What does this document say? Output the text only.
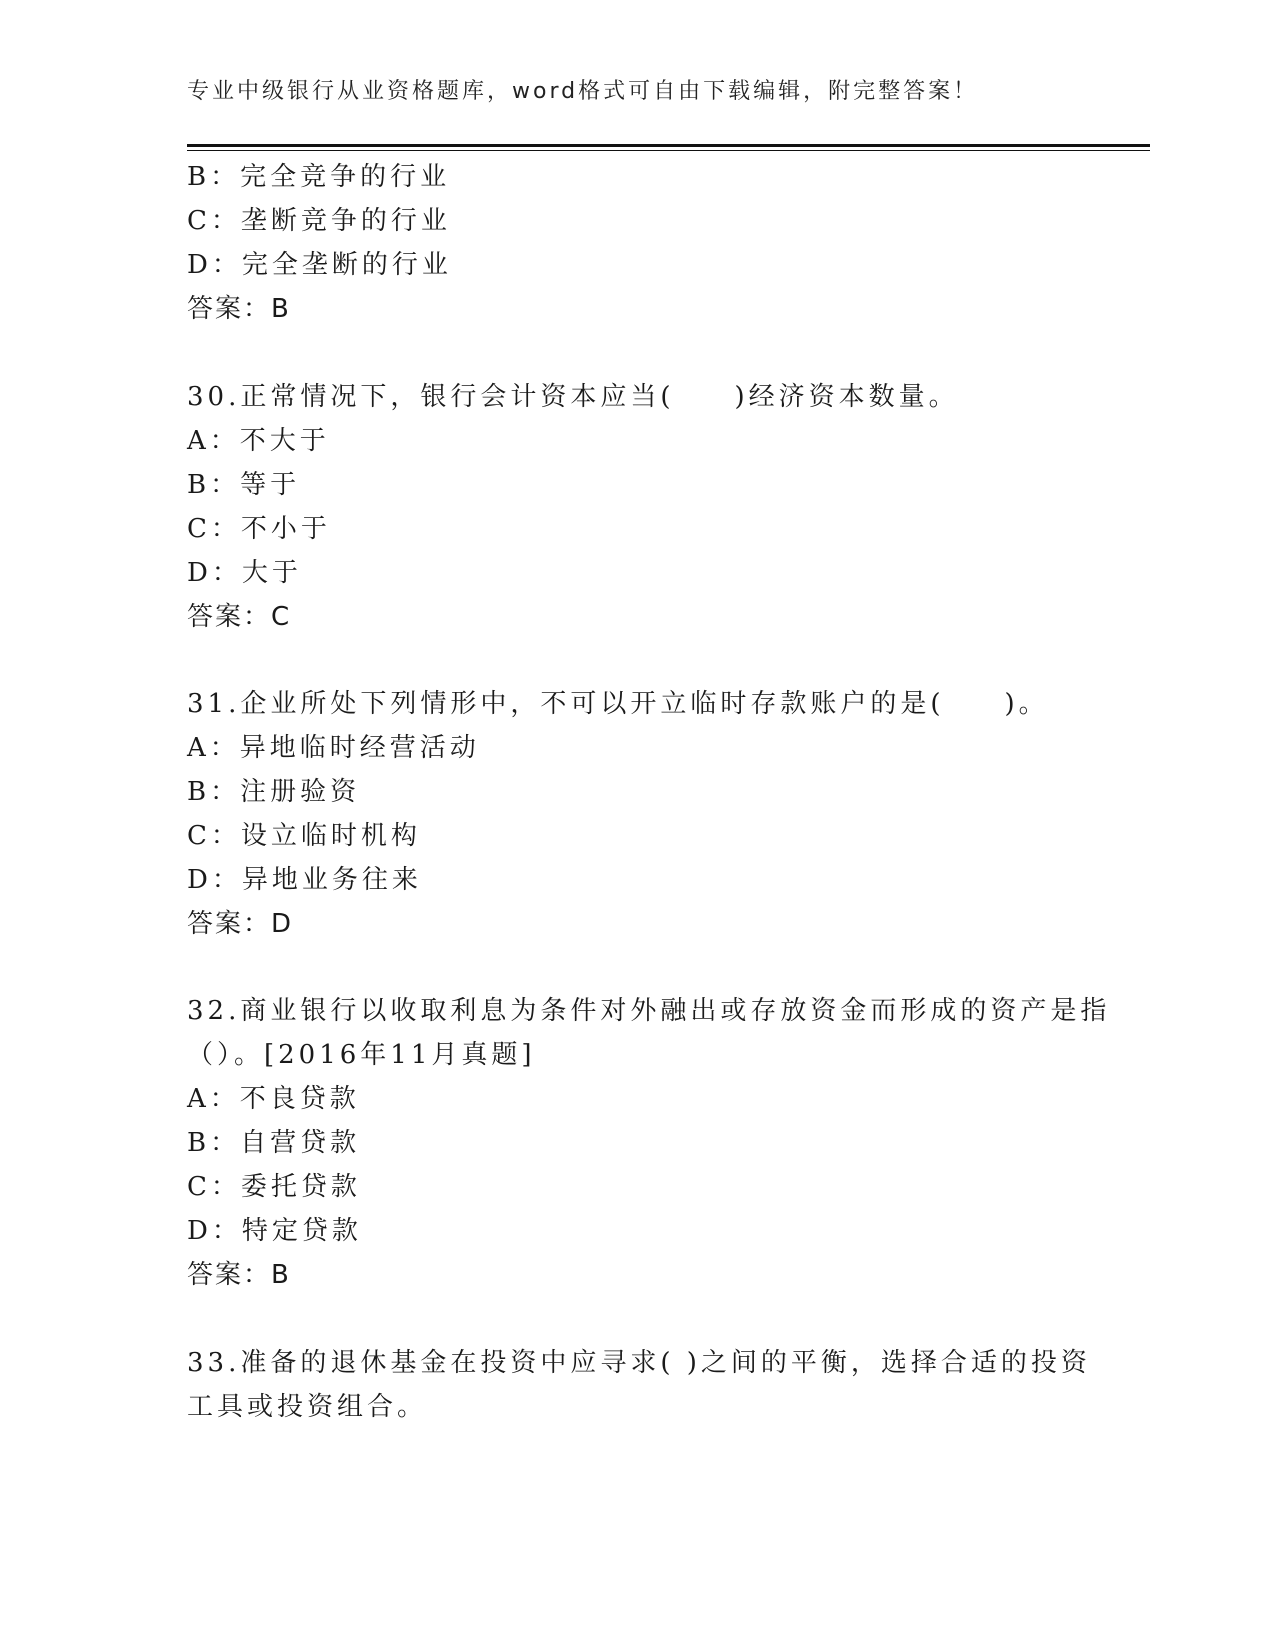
专业中级银行从业资格题库，word格式可自由下载编辑，附完整答案！
B：完全竞争的行业
C：垄断竞争的行业
D：完全垄断的行业
答案：B
30.正常情况下，银行会计资本应当(　　)经济资本数量。
A：不大于
B：等于
C：不小于
D：大于
答案：C
31.企业所处下列情形中，不可以开立临时存款账户的是(　　)。
A：异地临时经营活动
B：注册验资
C：设立临时机构
D：异地业务往来
答案：D
32.商业银行以收取利息为条件对外融出或存放资金而形成的资产是指
（）。[2016年11月真题]
A：不良贷款
B：自营贷款
C：委托贷款
D：特定贷款
答案：B
33.准备的退休基金在投资中应寻求( )之间的平衡，选择合适的投资
工具或投资组合。
